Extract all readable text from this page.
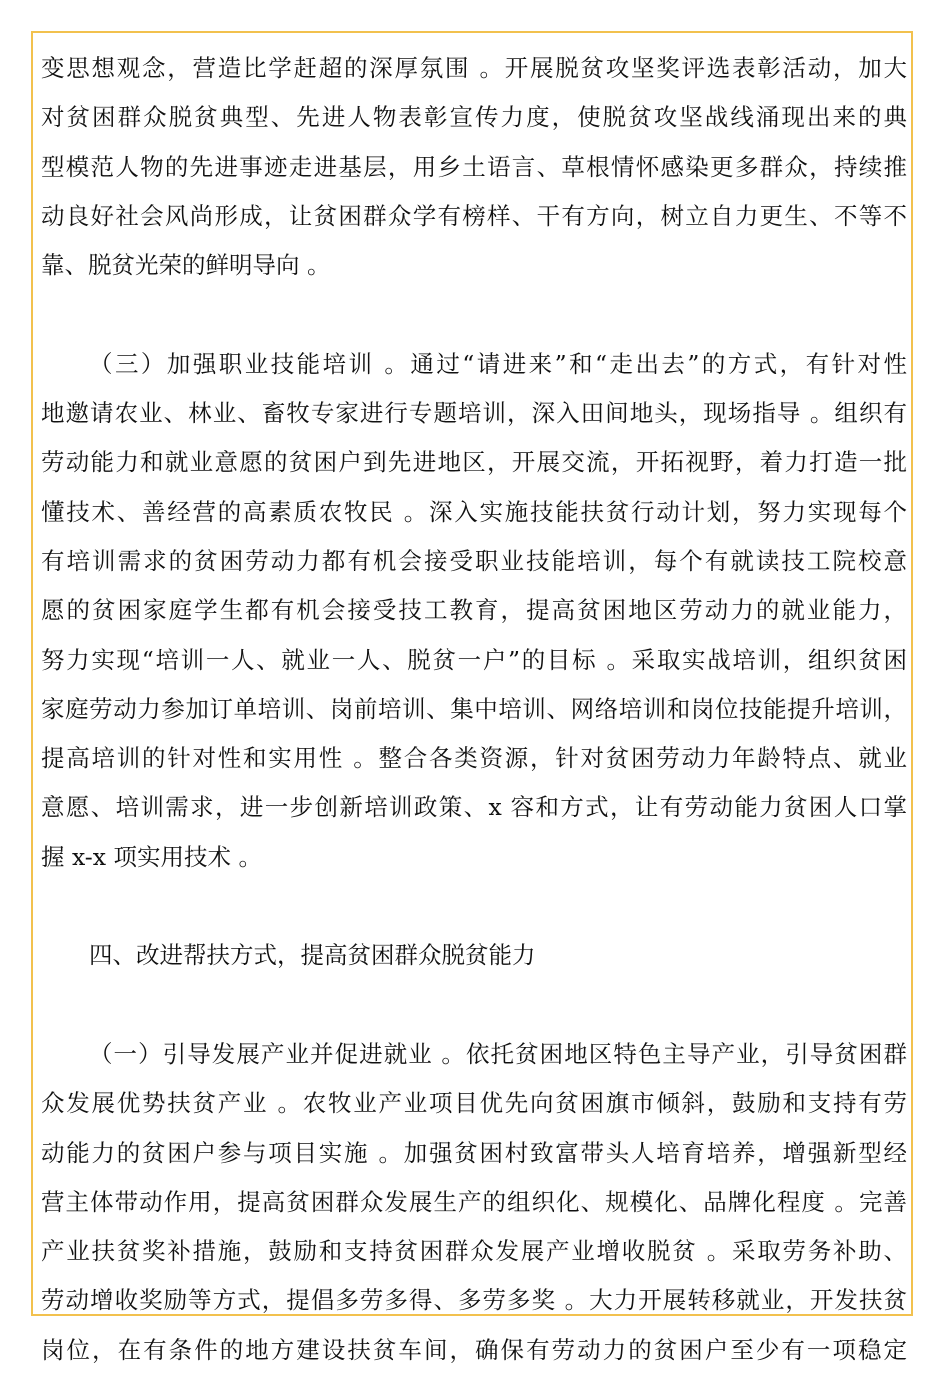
变思想观念，营造比学赶超的深厚氛围 。开展脱贫攻坚奖评选表彰活动，加大
对贫困群众脱贫典型、先进人物表彰宣传力度，使脱贫攻坚战线涌现出来的典
型模范人物的先进事迹走进基层，用乡土语言、草根情怀感染更多群众，持续推
动良好社会风尚形成，让贫困群众学有榜样、干有方向，树立自力更生、不等不
靠、脱贫光荣的鲜明导向 。
（三）加强职业技能培训 。通过“请进来”和“走出去”的方式，有针对性
地邀请农业、林业、畜牧专家进行专题培训，深入田间地头，现场指导 。组织有
劳动能力和就业意愿的贫困户到先进地区，开展交流，开拓视野，着力打造一批
懂技术、善经营的高素质农牧民 。深入实施技能扶贫行动计划，努力实现每个
有培训需求的贫困劳动力都有机会接受职业技能培训，每个有就读技工院校意
愿的贫困家庭学生都有机会接受技工教育，提高贫困地区劳动力的就业能力，
努力实现“培训一人、就业一人、脱贫一户”的目标 。采取实战培训，组织贫困
家庭劳动力参加订单培训、岗前培训、集中培训、网络培训和岗位技能提升培训，
提高培训的针对性和实用性 。整合各类资源，针对贫困劳动力年龄特点、就业
意愿、培训需求，进一步创新培训政策、x 容和方式，让有劳动能力贫困人口掌
握 x-x 项实用技术 。
四、改进帮扶方式，提高贫困群众脱贫能力
（一）引导发展产业并促进就业 。依托贫困地区特色主导产业，引导贫困群
众发展优势扶贫产业 。农牧业产业项目优先向贫困旗市倾斜，鼓励和支持有劳
动能力的贫困户参与项目实施 。加强贫困村致富带头人培育培养，增强新型经
营主体带动作用，提高贫困群众发展生产的组织化、规模化、品牌化程度 。完善
产业扶贫奖补措施，鼓励和支持贫困群众发展产业增收脱贫 。采取劳务补助、
劳动增收奖励等方式，提倡多劳多得、多劳多奖 。大力开展转移就业，开发扶贫
岗位，在有条件的地方建设扶贫车间，确保有劳动力的贫困户至少有一项稳定
